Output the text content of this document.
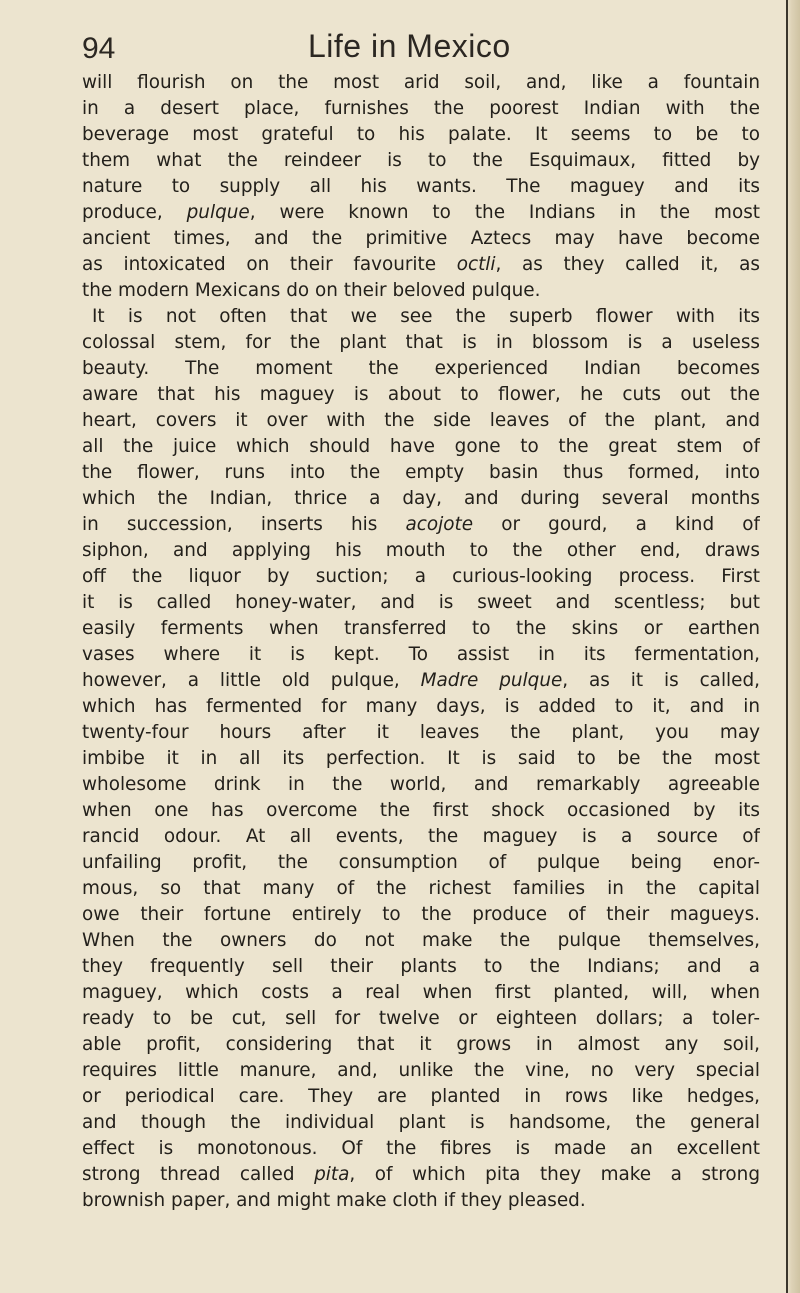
94	Life in Mexico
will flourish on the most arid soil, and, like a fountain
in a desert place, furnishes the poorest Indian with the
beverage most grateful to his palate. It seems to be to
them what the reindeer is to the Esquimaux, fitted by
nature to supply all his wants. The maguey and its
produce, pulque, were known to the Indians in the most
ancient times, and the primitive Aztecs may have become
as intoxicated on their favourite octli, as they called it, as
the modern Mexicans do on their beloved pulque.
It is not often that we see the superb flower with its
colossal stem, for the plant that is in blossom is a useless
beauty. The moment the experienced Indian becomes
aware that his maguey is about to flower, he cuts out the
heart, covers it over with the side leaves of the plant, and
all the juice which should have gone to the great stem of
the flower, runs into the empty basin thus formed, into
which the Indian, thrice a day, and during several months
in succession, inserts his acojote or gourd, a kind of
siphon, and applying his mouth to the other end, draws
off the liquor by suction; a curious-looking process. First
it is called honey-water, and is sweet and scentless; but
easily ferments when transferred to the skins or earthen
vases where it is kept. To assist in its fermentation,
however, a little old pulque, Madre pulque, as it is called,
which has fermented for many days, is added to it, and in
twenty-four hours after it leaves the plant, you may
imbibe it in all its perfection. It is said to be the most
wholesome drink in the world, and remarkably agreeable
when one has overcome the first shock occasioned by its
rancid odour. At all events, the maguey is a source of
unfailing profit, the consumption of pulque being enor-
mous, so that many of the richest families in the capital
owe their fortune entirely to the produce of their magueys.
When the owners do not make the pulque themselves,
they frequently sell their plants to the Indians; and a
maguey, which costs a real when first planted, will, when
ready to be cut, sell for twelve or eighteen dollars; a toler-
able profit, considering that it grows in almost any soil,
requires little manure, and, unlike the vine, no very special
or periodical care. They are planted in rows like hedges,
and though the individual plant is handsome, the general
effect is monotonous. Of the fibres is made an excellent
strong thread called pita, of which pita they make a strong
brownish paper, and might make cloth if they pleased.
